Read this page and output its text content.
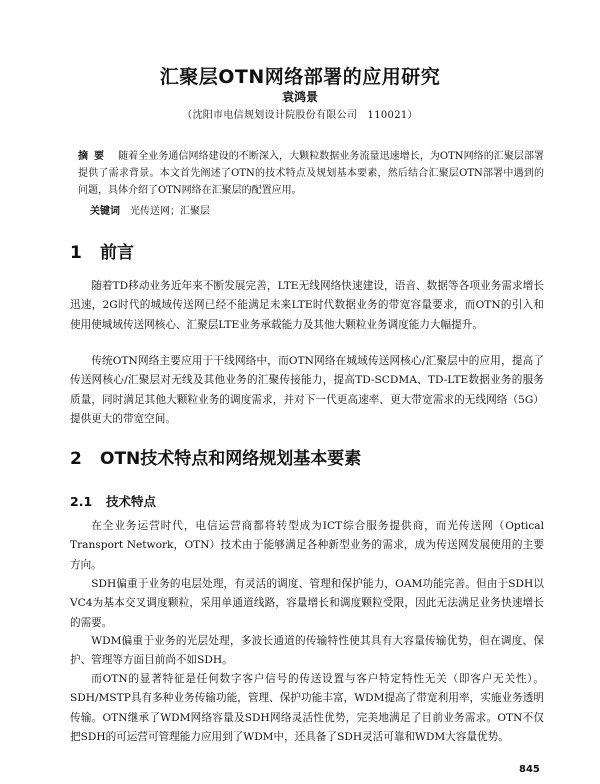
汇聚层OTN网络部署的应用研究
袁鸿景
（沈阳市电信规划设计院股份有限公司　110021）
摘要 随着全业务通信网络建设的不断深入，大颗粒数据业务流量迅速增长，为OTN网络的汇聚层部署提供了需求背景。本文首先阐述了OTN的技术特点及规划基本要素，然后结合汇聚层OTN部署中遇到的问题，具体介绍了OTN网络在汇聚层的配置应用。
关键词 光传送网；汇聚层
1 前言
随着TD移动业务近年来不断发展完善，LTE无线网络快速建设，语音、数据等各项业务需求增长迅速，2G时代的城域传送网已经不能满足未来LTE时代数据业务的带宽容量要求，而OTN的引入和使用使城域传送网核心、汇聚层LTE业务承载能力及其他大颗粒业务调度能力大幅提升。
传统OTN网络主要应用于干线网络中，而OTN网络在城域传送网核心/汇聚层中的应用，提高了传送网核心/汇聚层对无线及其他业务的汇聚传接能力，提高TD-SCDMA、TD-LTE数据业务的服务质量，同时满足其他大颗粒业务的调度需求，并对下一代更高速率、更大带宽需求的无线网络（5G）提供更大的带宽空间。
2 OTN技术特点和网络规划基本要素
2.1 技术特点
在全业务运营时代，电信运营商都将转型成为ICT综合服务提供商，而光传送网（Optical Transport Network，OTN）技术由于能够满足各种新型业务的需求，成为传送网发展使用的主要方向。
SDH偏重于业务的电层处理，有灵活的调度、管理和保护能力，OAM功能完善。但由于SDH以VC4为基本交叉调度颗粒，采用单通道线路，容量增长和调度颗粒受限，因此无法满足业务快速增长的需要。
WDM偏重于业务的光层处理，多波长通道的传输特性使其具有大容量传输优势，但在调度、保护、管理等方面目前尚不如SDH。
而OTN的显著特征是任何数字客户信号的传送设置与客户特定特性无关（即客户无关性）。SDH/MSTP具有多种业务传输功能，管理、保护功能丰富，WDM提高了带宽利用率，实施业务透明传输。OTN继承了WDM网络容量及SDH网络灵活性优势，完美地满足了目前业务需求。OTN不仅把SDH的可运营可管理能力应用到了WDM中，还具备了SDH灵活可靠和WDM大容量优势。
845
